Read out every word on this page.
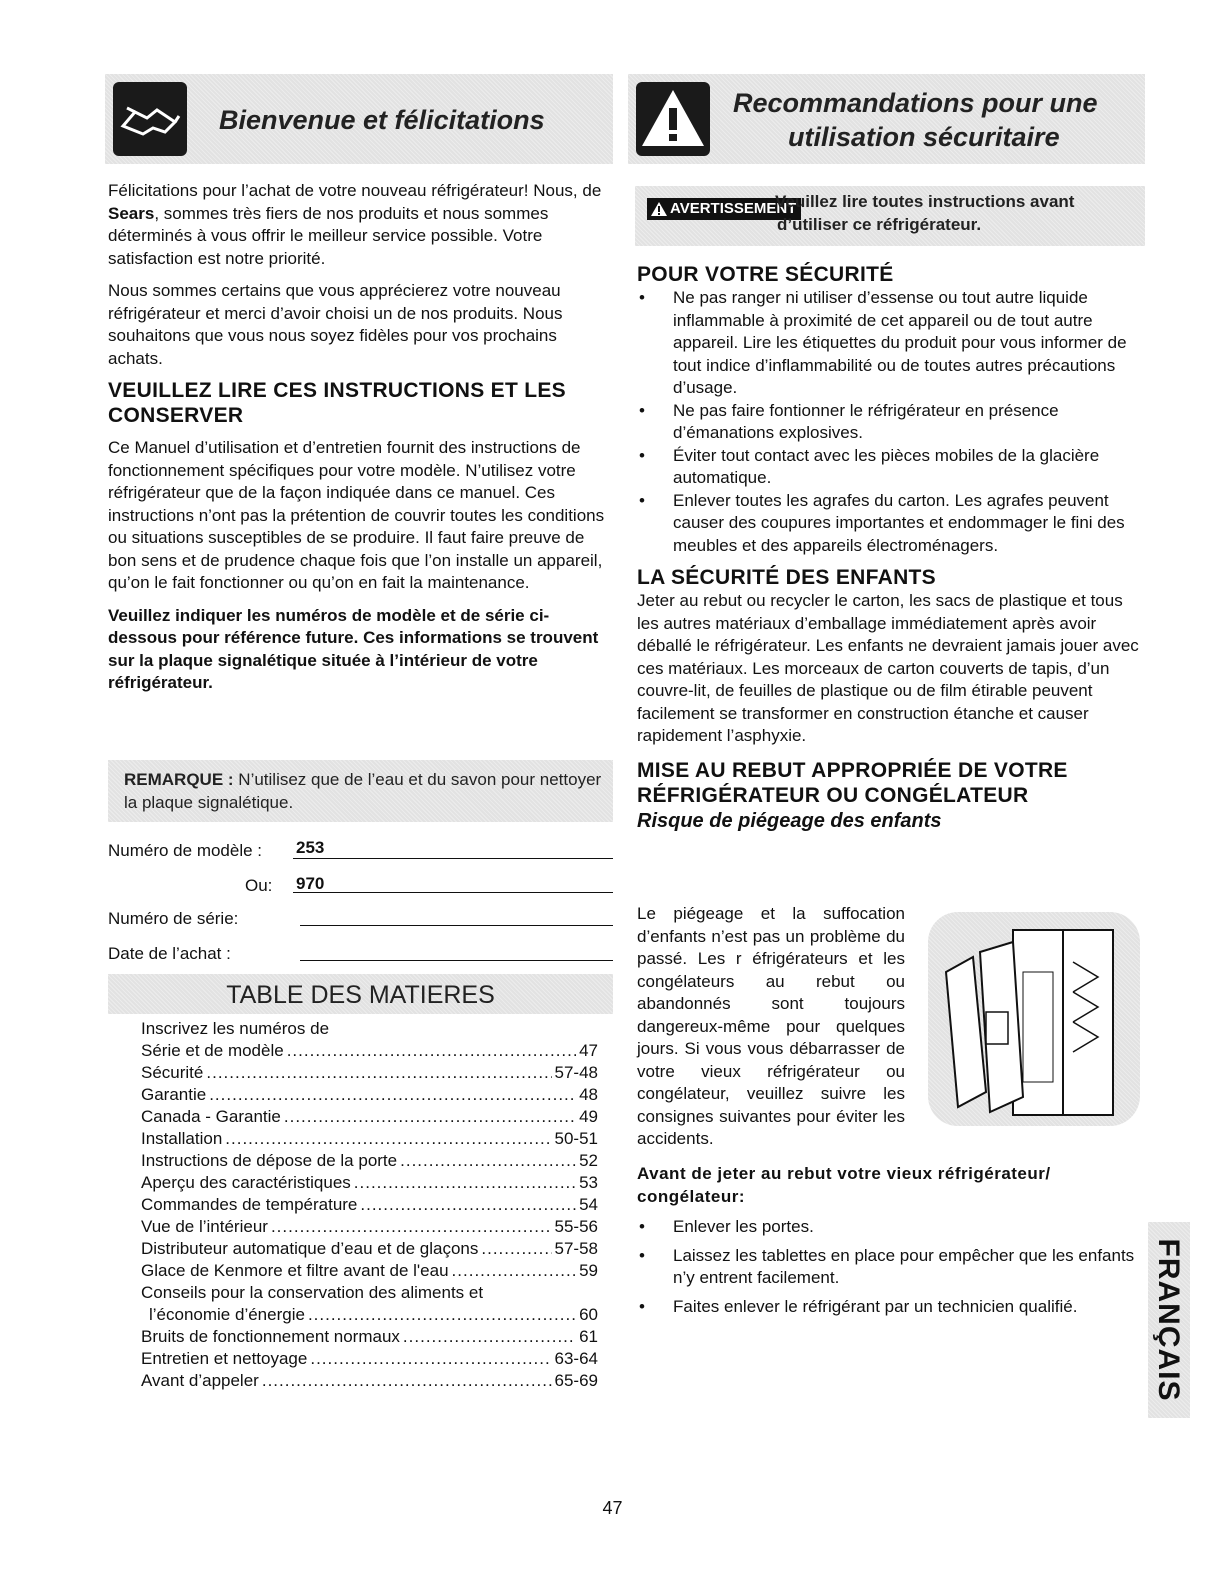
Bienvenue et félicitations
Recommandations pour une
utilisation sécuritaire

Félicitations pour l’achat de votre nouveau réfrigérateur! Nous, de Sears, sommes très fiers de nos produits et nous sommes déterminés à vous offrir le meilleur service possible. Votre satisfaction est notre priorité.

Nous sommes certains que vous apprécierez votre nouveau réfrigérateur et merci d’avoir choisi un de nos produits. Nous souhaitons que vous nous soyez fidèles pour vos prochains achats.

VEUILLEZ LIRE CES INSTRUCTIONS ET LES CONSERVER

Ce Manuel d’utilisation et d’entretien fournit des instructions de fonctionnement spécifiques pour votre modèle. N’utilisez votre réfrigérateur que de la façon indiquée dans ce manuel. Ces instructions n’ont pas la prétention de couvrir toutes les conditions ou situations susceptibles de se produire. Il faut faire preuve de bon sens et de prudence chaque fois que l’on installe un appareil, qu’on le fait fonctionner ou qu’on en fait la maintenance.

Veuillez indiquer les numéros de modèle et de série ci-dessous pour référence future. Ces informations se trouvent sur la plaque signalétique située à l’intérieur de votre réfrigérateur.

REMARQUE : N’utilisez que de l’eau et du savon pour nettoyer la plaque signalétique.
Numéro de modèle : 253
Ou: 970
Numéro de série:
Date de l’achat :
TABLE DES MATIERES
Inscrivez les numéros de
Série et de modèle .....	47
Sécurité .....	57-48
Garantie .....	48
Canada - Garantie .....	49
Installation .....	50-51
Instructions de dépose de la porte .....	52
Aperçu des caractéristiques .....	53
Commandes de température .....	54
Vue de l’intérieur .....	55-56
Distributeur automatique d’eau et de glaçons .....	57-58
Glace de Kenmore et filtre avant de l'eau .....	59
Conseils pour la conservation des aliments et
l’économie d’énergie .....	60
Bruits de fonctionnement normaux .....	61
Entretien et nettoyage .....	63-64
Avant d’appeler .....	65-69
AVERTISSEMENT
Veuillez lire toutes instructions avant
d’utiliser ce réfrigérateur.
POUR VOTRE SÉCURITÉ
• Ne pas ranger ni utiliser d’essense ou tout autre liquide inflammable à proximité de cet appareil ou de tout autre appareil. Lire les étiquettes du produit pour vous informer de tout indice d’inflammabilité ou de toutes autres précautions d’usage.
• Ne pas faire fontionner le réfrigérateur en présence d’émanations explosives.
• Éviter tout contact avec les pièces mobiles de la glacière automatique.
• Enlever toutes les agrafes du carton. Les agrafes peuvent causer des coupures importantes et endommager le fini des meubles et des appareils électroménagers.
LA SÉCURITÉ DES ENFANTS

Jeter au rebut ou recycler le carton, les sacs de plastique et tous les autres matériaux d’emballage immédiatement après avoir déballé le réfrigérateur. Les enfants ne devraient jamais jouer avec ces matériaux. Les morceaux de carton couverts de tapis, d’un couvre-lit, de feuilles de plastique ou de film étirable peuvent facilement se transformer en construction étanche et causer rapidement l’asphyxie.

MISE AU REBUT APPROPRIÉE DE VOTRE RÉFRIGÉRATEUR OU CONGÉLATEUR
Risque de piégeage des enfants
Le piégeage et la suffocation d’enfants n’est pas un problème du passé. Les r éfrigérateurs et les congélateurs au rebut ou abandonnés sont toujours dangereux-même pour quelques jours. Si vous vous débarrasser de votre vieux réfrigérateur ou congélateur, veuillez suivre les consignes suivantes pour éviter les accidents.
Avant de jeter au rebut votre vieux réfrigérateur/ congélateur:
• Enlever les portes.
• Laissez les tablettes en place pour empêcher que les enfants n’y entrent facilement.
• Faites enlever le réfrigérant par un technicien qualifié.	FRANÇAIS
47
